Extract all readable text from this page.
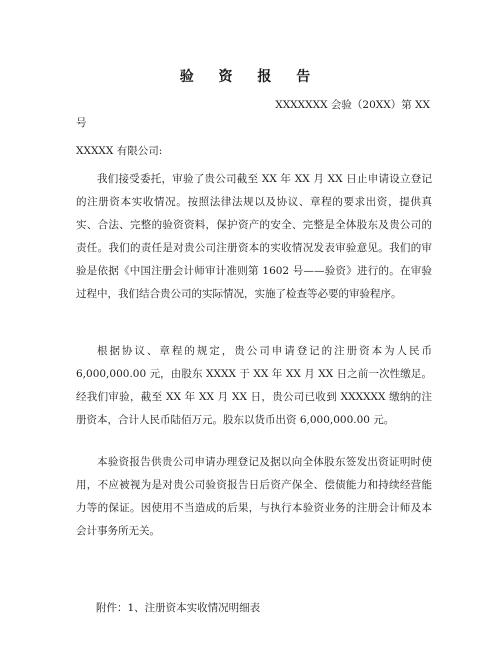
验 资 报 告
XXXXXXX 会验（20XX）第 XX
号
XXXXX 有限公司:

我们接受委托，审验了贵公司截至 XX 年 XX 月 XX 日止申请设立登记的注册资本实收情况。按照法律法规以及协议、章程的要求出资，提供真实、合法、完整的验资资料，保护资产的安全、完整是全体股东及贵公司的责任。我们的责任是对贵公司注册资本的实收情况发表审验意见。我们的审验是依据《中国注册会计师审计准则第 1602 号——验资》进行的。在审验过程中，我们结合贵公司的实际情况，实施了检查等必要的审验程序。

根据协议、章程的规定，贵公司申请登记的注册资本为人民币 6,000,000.00 元，由股东 XXXX 于 XX 年 XX 月 XX 日之前一次性缴足。经我们审验，截至 XX 年 XX 月 XX 日，贵公司已收到 XXXXXX 缴纳的注册资本，合计人民币陆佰万元。股东以货币出资 6,000,000.00 元。

本验资报告供贵公司申请办理登记及据以向全体股东签发出资证明时使用，不应被视为是对贵公司验资报告日后资产保全、偿债能力和持续经营能力等的保证。因使用不当造成的后果，与执行本验资业务的注册会计师及本会计事务所无关。

附件：1、注册资本实收情况明细表
